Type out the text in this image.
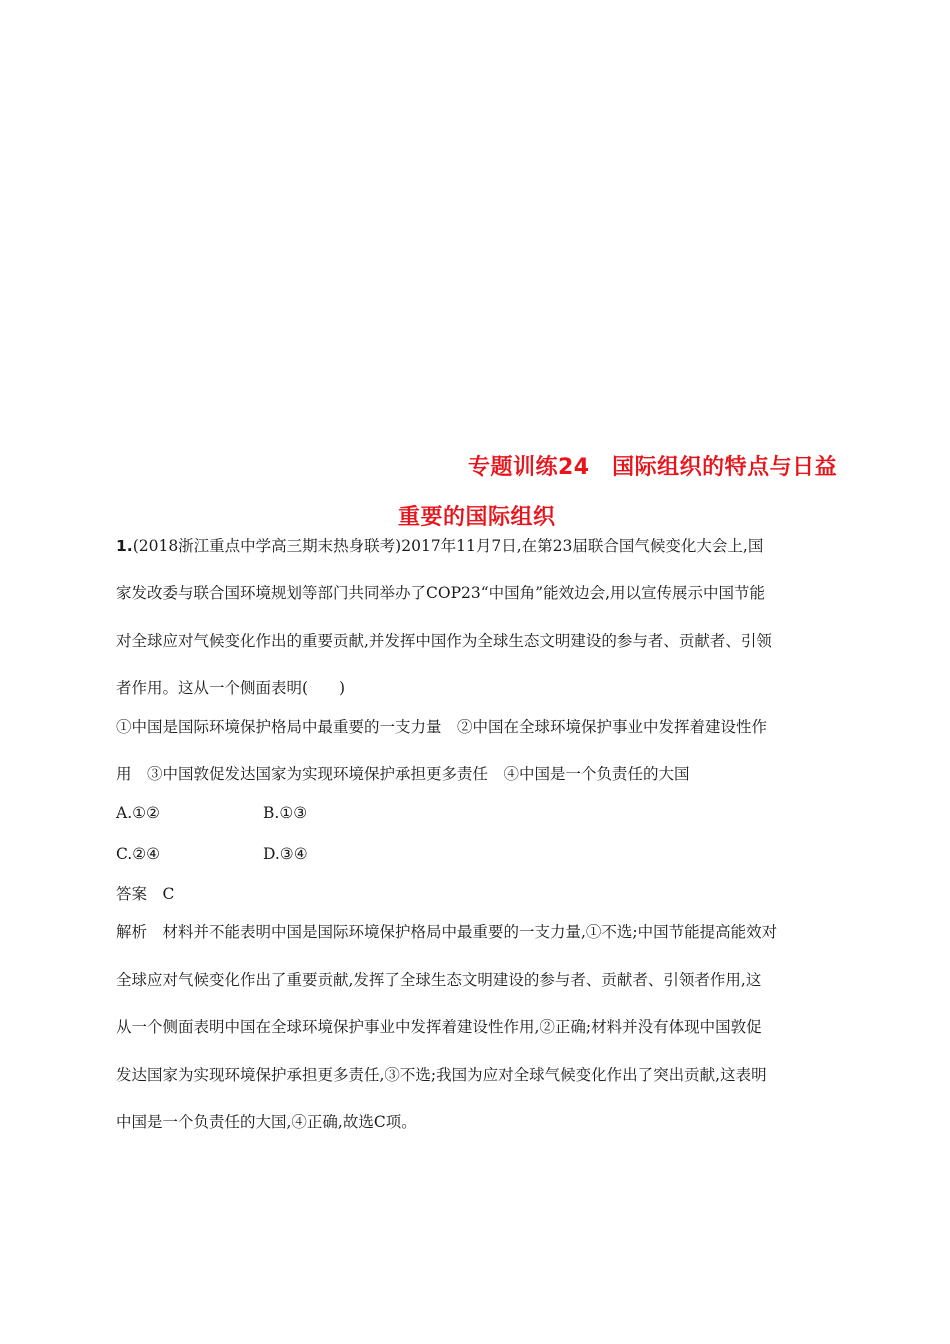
专题训练24　国际组织的特点与日益
重要的国际组织
1.(2018浙江重点中学高三期末热身联考)2017年11月7日,在第23届联合国气候变化大会上,国
家发改委与联合国环境规划等部门共同举办了COP23“中国角”能效边会,用以宣传展示中国节能
对全球应对气候变化作出的重要贡献,并发挥中国作为全球生态文明建设的参与者、贡献者、引领
者作用。这从一个侧面表明(　　)
①中国是国际环境保护格局中最重要的一支力量　②中国在全球环境保护事业中发挥着建设性作
用　③中国敦促发达国家为实现环境保护承担更多责任　④中国是一个负责任的大国
A.①②	B.①③
C.②④	D.③④
答案　C
解析　材料并不能表明中国是国际环境保护格局中最重要的一支力量,①不选;中国节能提高能效对
全球应对气候变化作出了重要贡献,发挥了全球生态文明建设的参与者、贡献者、引领者作用,这
从一个侧面表明中国在全球环境保护事业中发挥着建设性作用,②正确;材料并没有体现中国敦促
发达国家为实现环境保护承担更多责任,③不选;我国为应对全球气候变化作出了突出贡献,这表明
中国是一个负责任的大国,④正确,故选C项。
